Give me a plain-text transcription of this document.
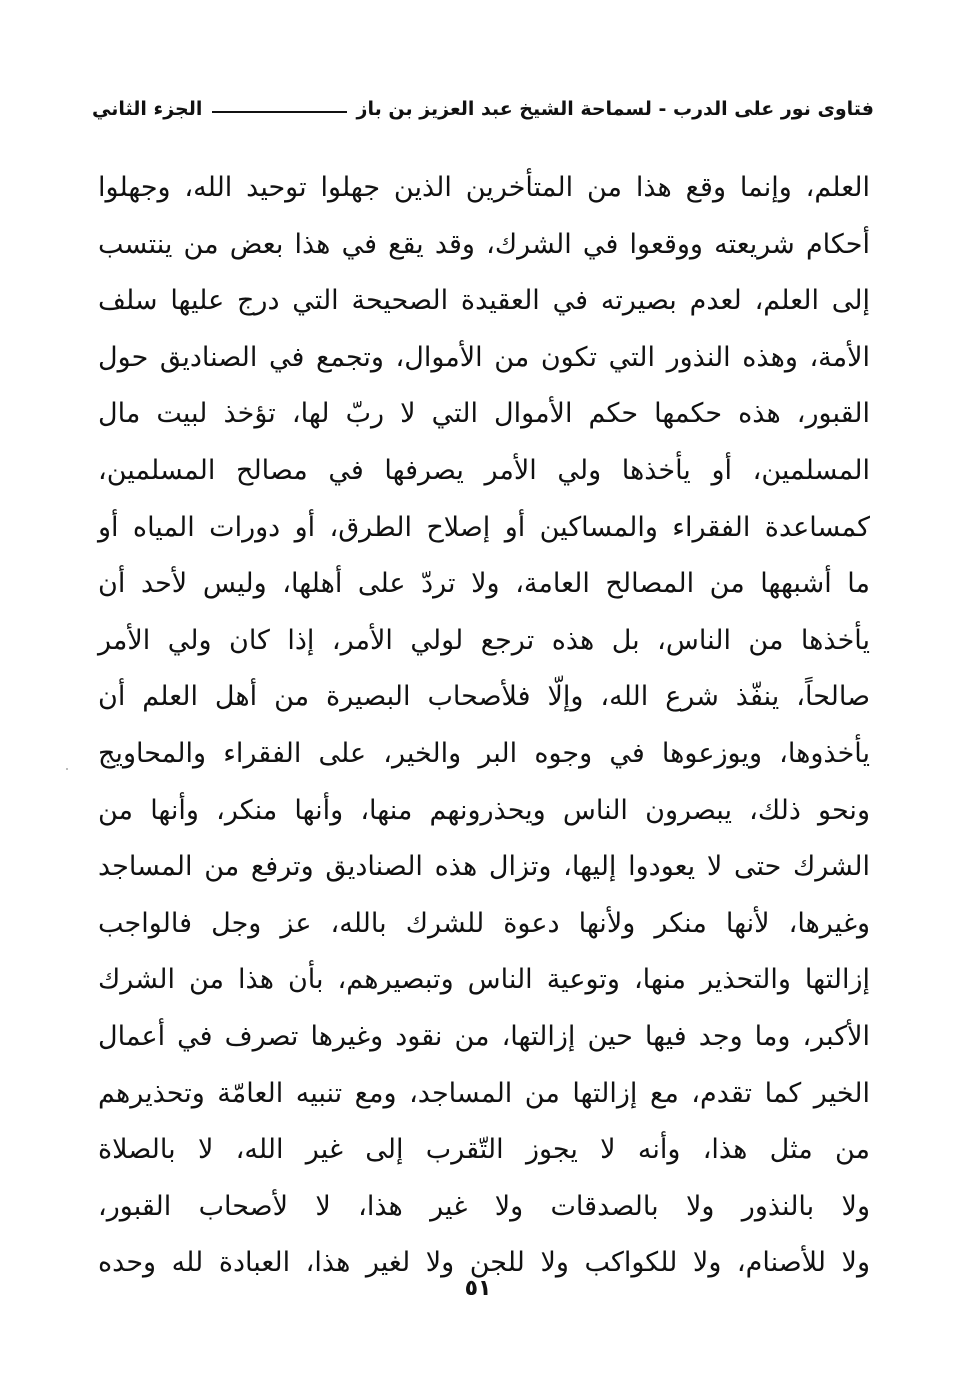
فتاوى نور على الدرب - لسماحة الشيخ عبد العزيز بن باز
الجزء الثاني
العلم، وإنما وقع هذا من المتأخرين الذين جهلوا توحيد الله، وجهلوا
أحكام شريعته ووقعوا في الشرك، وقد يقع في هذا بعض من ينتسب
إلى العلم، لعدم بصيرته في العقيدة الصحيحة التي درج عليها سلف
الأمة، وهذه النذور التي تكون من الأموال، وتجمع في الصناديق حول
القبور، هذه حكمها حكم الأموال التي لا ربّ لها، تؤخذ لبيت مال
المسلمين، أو يأخذها ولي الأمر يصرفها في مصالح المسلمين،
كمساعدة الفقراء والمساكين أو إصلاح الطرق، أو دورات المياه أو
ما أشبهها من المصالح العامة، ولا تردّ على أهلها، وليس لأحد أن
يأخذها من الناس، بل هذه ترجع لولي الأمر، إذا كان ولي الأمر
صالحاً، ينفّذ شرع الله، وإلّا فلأصحاب البصيرة من أهل العلم أن
يأخذوها، ويوزعوها في وجوه البر والخير، على الفقراء والمحاويج
ونحو ذلك، يبصرون الناس ويحذرونهم منها، وأنها منكر، وأنها من
الشرك حتى لا يعودوا إليها، وتزال هذه الصناديق وترفع من المساجد
وغيرها، لأنها منكر ولأنها دعوة للشرك بالله، عز وجل فالواجب
إزالتها والتحذير منها، وتوعية الناس وتبصيرهم، بأن هذا من الشرك
الأكبر، وما وجد فيها حين إزالتها، من نقود وغيرها تصرف في أعمال
الخير كما تقدم، مع إزالتها من المساجد، ومع تنبيه العامّة وتحذيرهم
من مثل هذا، وأنه لا يجوز التّقرب إلى غير الله، لا بالصلاة
ولا بالنذور ولا بالصدقات ولا غير هذا، لا لأصحاب القبور،
ولا للأصنام، ولا للكواكب ولا للجن ولا لغير هذا، العبادة لله وحده
٥١
